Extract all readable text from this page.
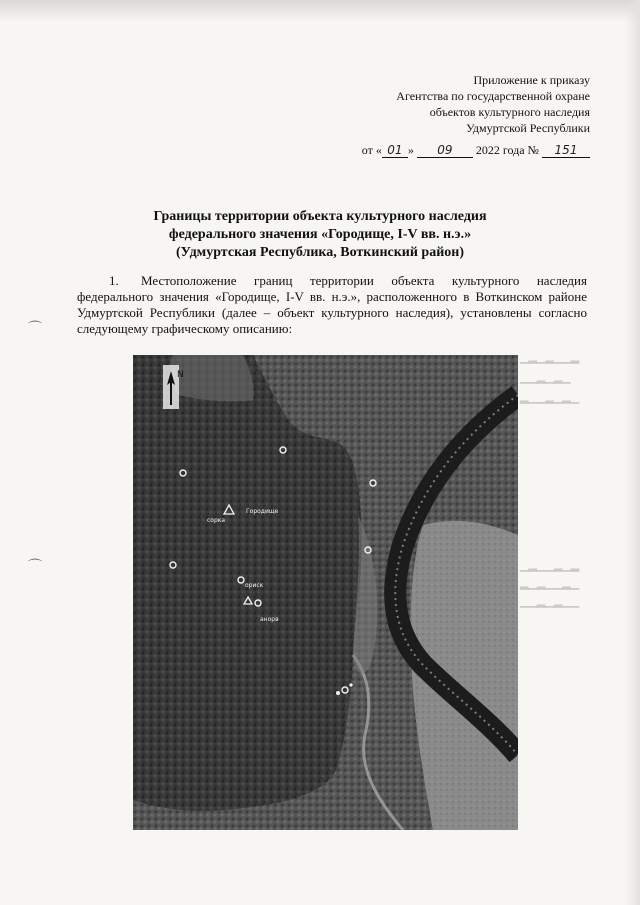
Приложение к приказу
Агентства по государственной охране
объектов культурного наследия
Удмуртской Республики
от « 01 » 09 2022 года № 151
Границы территории объекта культурного наследия
федерального значения «Городище, I-V вв. н.э.»
(Удмуртская Республика, Воткинский район)
1. Местоположение границ территории объекта культурного наследия федерального значения «Городище, I-V вв. н.э.», расположенного в Воткинском районе Удмуртской Республики (далее – объект культурного наследия), установлены согласно следующему графическому описанию:
▁▂▁▂▁▁▂
▁▁▂▁▂▁
▂▁▁▂▁▂▁
▁▂▁▁▂▁▂
▂▁▂▁▁▂▁
▁▁▂▁▂▁▁
⌒
⌒
N
сорка
Городище
ориск
анорв
